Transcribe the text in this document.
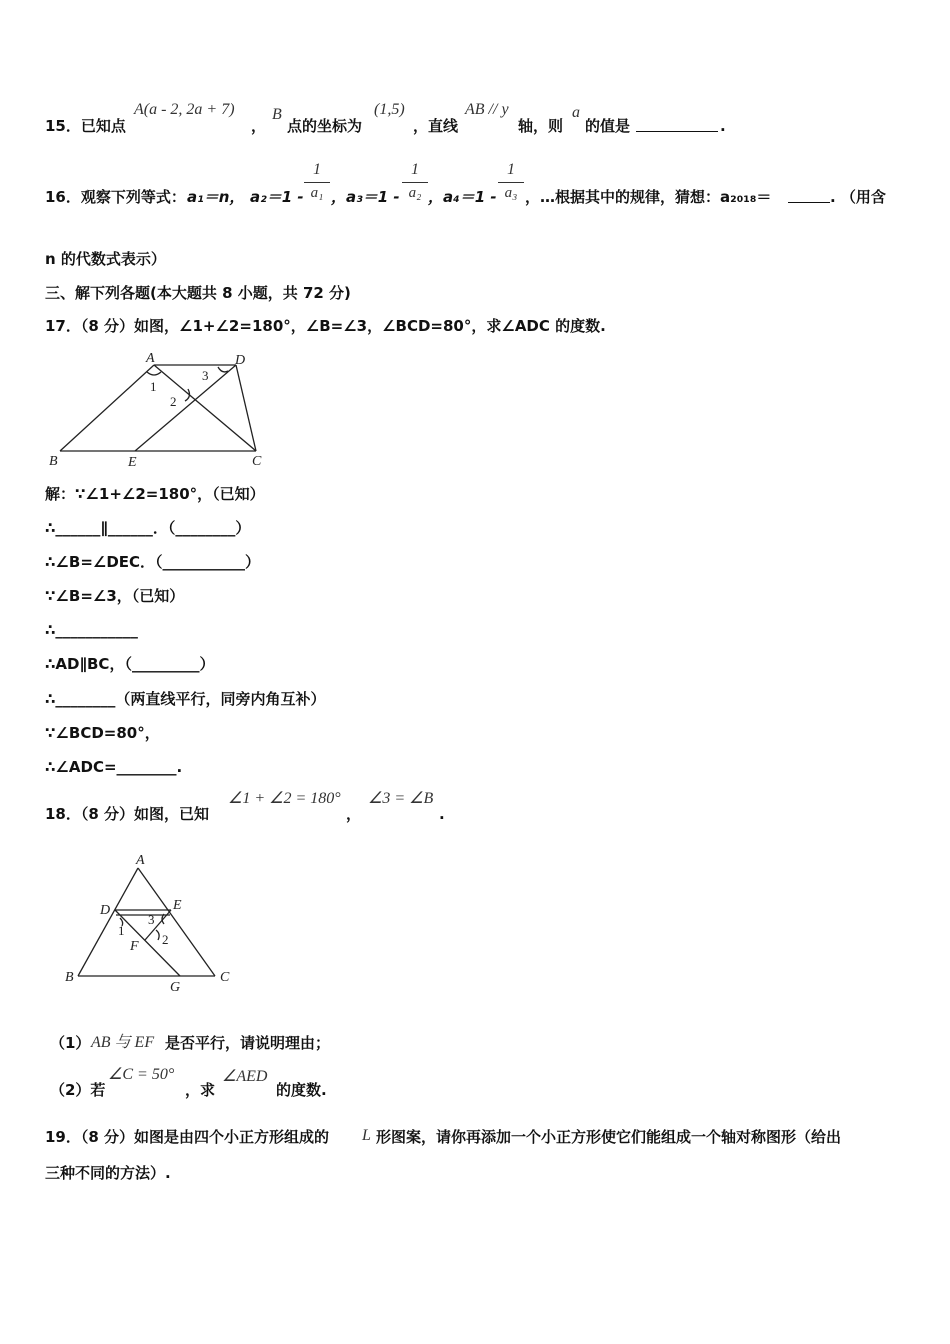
15．已知点
A(a - 2, 2a + 7)
，
B
点的坐标为
(1,5)
，直线
AB // y
轴，则
a
的值是	.
16．观察下列等式： a₁＝n， a₂＝1 -
1
a₁ ，a₃＝1 -
1
a₂ ，a₄＝1 -
1
a₃ ，…根据其中的规律，猜想：a₂₀₁₈＝	. （用含
n 的代数式表示）
三、解下列各题(本大题共 8 小题，共 72 分)
17．（8 分）如图，∠1+∠2=180°，∠B=∠3，∠BCD=80°，求∠ADC 的度数.
A	D
B	E	C
1
2
3
解：∵∠1+∠2=180°，（已知）
∴______∥______．（________）
∴∠B=∠DEC．（___________）
∵∠B=∠3，（已知）
∴___________
∴AD∥BC，（_________）
∴________（两直线平行，同旁内角互补）
∵∠BCD=80°，
∴∠ADC=________.
18．（8 分）如图，已知
∠1 + ∠2 = 180°
，
∠3 = ∠B
.
A
D	E
F
B
G
C
1
2
3
（1） AB 与 EF 是否平行，请说明理由；
（2）若
∠C = 50°
，求
∠AED
的度数.
19．（8 分）如图是由四个小正方形组成的 L 形图案，请你再添加一个小正方形使它们能组成一个轴对称图形（给出
三种不同的方法）.
